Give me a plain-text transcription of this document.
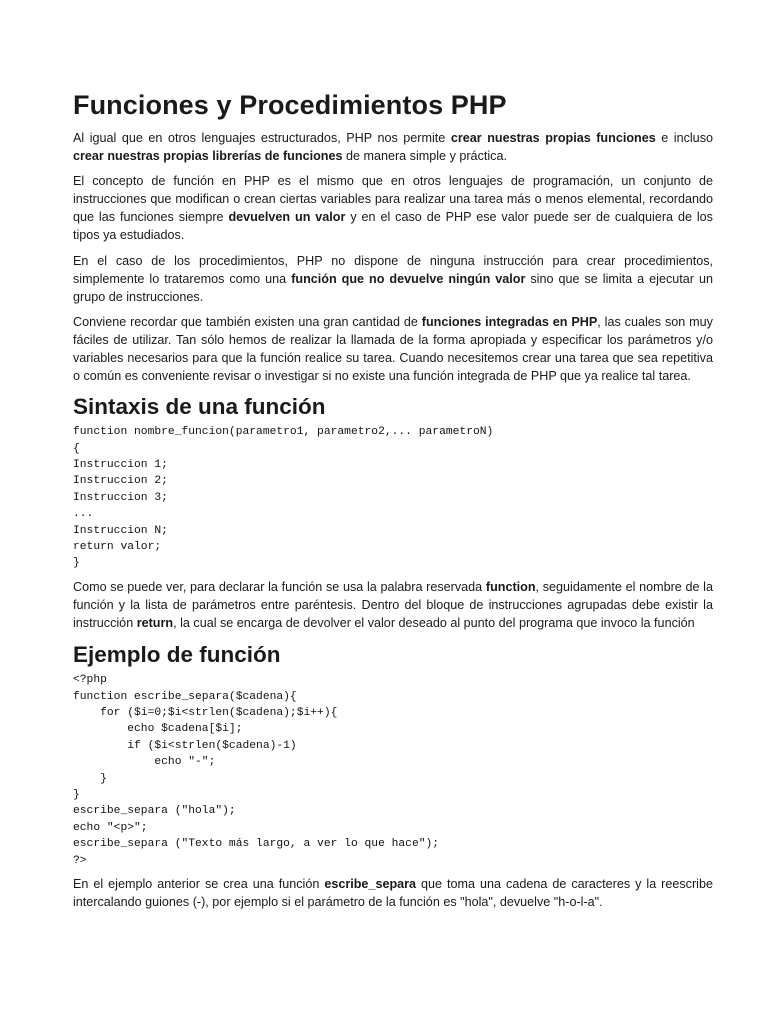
Funciones y Procedimientos PHP

Al igual que en otros lenguajes estructurados, PHP nos permite crear nuestras propias funciones e incluso crear nuestras propias librerías de funciones de manera simple y práctica.

El concepto de función en PHP es el mismo que en otros lenguajes de programación, un conjunto de instrucciones que modifican o crean ciertas variables para realizar una tarea más o menos elemental, recordando que las funciones siempre devuelven un valor y en el caso de PHP ese valor puede ser de cualquiera de los tipos ya estudiados.

En el caso de los procedimientos, PHP no dispone de ninguna instrucción para crear procedimientos, simplemente lo trataremos como una función que no devuelve ningún valor sino que se limita a ejecutar un grupo de instrucciones.

Conviene recordar que también existen una gran cantidad de funciones integradas en PHP, las cuales son muy fáciles de utilizar. Tan sólo hemos de realizar la llamada de la forma apropiada y especificar los parámetros y/o variables necesarios para que la función realice su tarea. Cuando necesitemos crear una tarea que sea repetitiva o común es conveniente revisar o investigar si no existe una función integrada de PHP que ya realice tal tarea.

Sintaxis de una función
function nombre_funcion(parametro1, parametro2,... parametroN)
{
Instruccion 1;
Instruccion 2;
Instruccion 3;
...
Instruccion N;
return valor;
}

Como se puede ver, para declarar la función se usa la palabra reservada function, seguidamente el nombre de la función y la lista de parámetros entre paréntesis. Dentro del bloque de instrucciones agrupadas debe existir la instrucción return, la cual se encarga de devolver el valor deseado al punto del programa que invoco la función

Ejemplo de función
<?php
function escribe_separa($cadena){
for ($i=0;$i<strlen($cadena);$i++){
echo $cadena[$i];
if ($i<strlen($cadena)-1)
echo "-";
}
}
escribe_separa ("hola");
echo "<p>";
escribe_separa ("Texto más largo, a ver lo que hace");
?>

En el ejemplo anterior se crea una función escribe_separa que toma una cadena de caracteres y la reescribe intercalando guiones (-), por ejemplo si el parámetro de la función es "hola", devuelve "h-o-l-a".
